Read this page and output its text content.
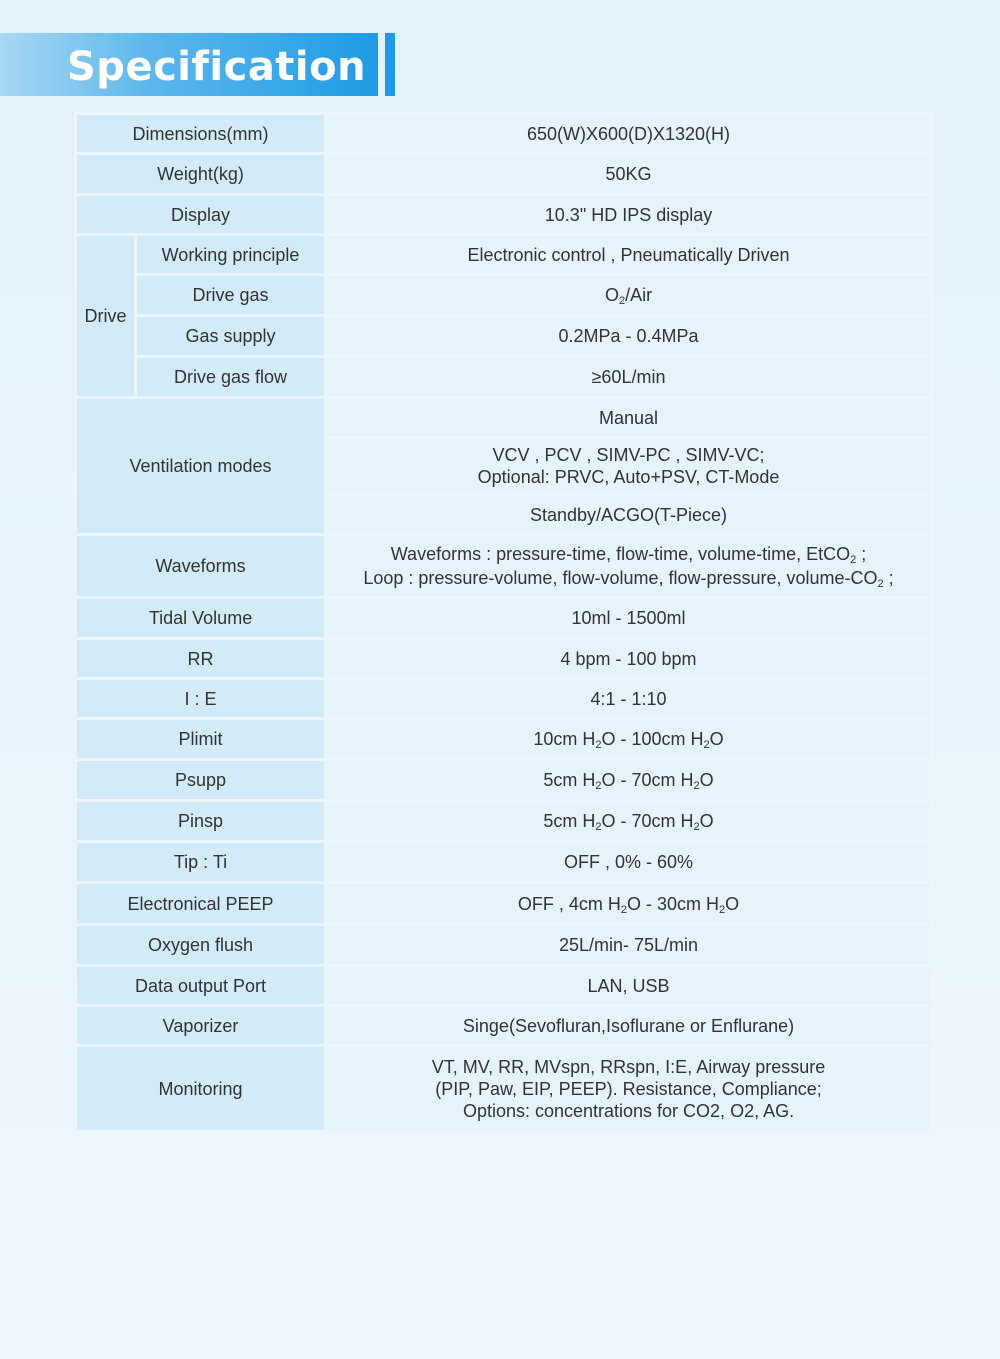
Specification
Dimensions(mm)		650(W)X600(D)X1320(H)
Weight(kg)		50KG
Display		10.3" HD IPS display
Drive	Working principle	Electronic control , Pneumatically Driven
	Drive gas	$O_2$/Air
	Gas supply	0.2MPa - 0.4MPa
	Drive gas flow	≥60L/min
Ventilation modes		Manual

		VCV , PCV , SIMV-PC , SIMV-VC;
Optional: PRVC, Auto+PSV, CT-Mode

		Standby/ACGO(T-Piece)
Waveforms		Waveforms : pressure-time, flow-time, volume-time, EtCO$_2$ ;
Loop : pressure-volume, flow-volume, flow-pressure, volume-$CO_2$ ;

Tidal Volume		10ml - 1500ml
RR		4 bpm - 100 bpm
I : E		4:1 - 1:10
Plimit		10cm $H_2O - 100cm$ $H_2O$
Psupp		5cm $H_2O - 70cm$ $H_2O$
Pinsp		5cm $H_2O - 70cm$ $H_2O$
Tip : Ti		OFF , 0% - 60%
Electronical PEEP		OFF , 4cm $H_2O - 30cm$ $H_2O$
Oxygen flush		25L/min- 75L/min
Data output Port		LAN, USB
Vaporizer		Singe(Sevofluran,Isoflurane or Enflurane)
Monitoring		VT, MV, RR, MVspn, RRspn, I:E, Airway pressure
(PIP, Paw, EIP, PEEP). Resistance, Compliance;
Options: concentrations for CO2, O2, AG.
